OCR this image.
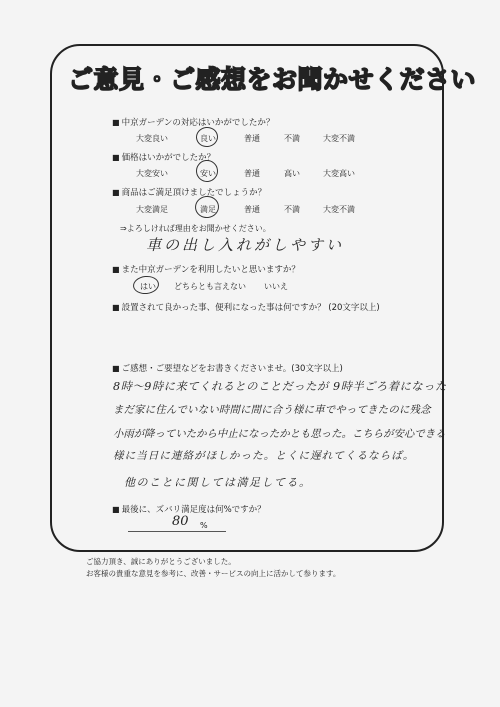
ご意見・ご感想をお聞かせください
■ 中京ガーデンの対応はいかがでしたか？
大変良い	良い	普通	不満	大変不満
■ 価格はいかがでしたか？
大変安い	安い	普通	高い	大変高い
■ 商品はご満足頂けましたでしょうか？
大変満足	満足	普通	不満	大変不満
⇒よろしければ理由をお聞かせください。
車の出し入れがしやすい
■ また中京ガーデンを利用したいと思いますか？
はい どちらとも言えない いいえ
■ 設置されて良かった事、便利になった事は何ですか？ (20文字以上)
■ ご感想・ご要望などをお書きくださいませ。(30文字以上)
8時～9時に来てくれるとのことだったが 9時半ごろ着になった
まだ家に住んでいない時間に間に合う様に車でやってきたのに残念
小雨が降っていたから中止になったかとも思った。こちらが安心できる
様に当日に連絡がほしかった。とくに遅れてくるならば。
他のことに関しては満足してる。
■ 最後に、ズバリ満足度は何%ですか？
80 %
ご協力頂き、誠にありがとうございました。
お客様の貴重な意見を参考に、改善・サービスの向上に活かして参ります。
